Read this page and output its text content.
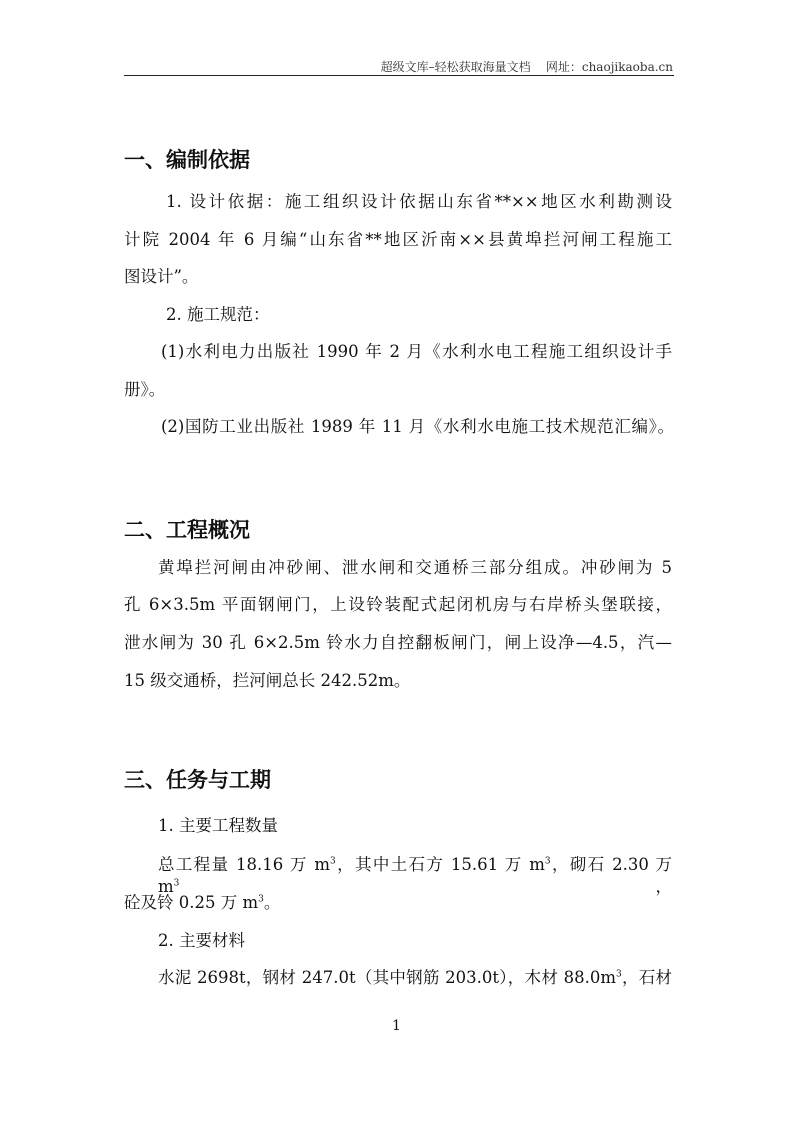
超级文库–轻松获取海量文档 网址：chaojikaoba.cn
一、编制依据
1. 设计依据：施工组织设计依据山东省**××地区水利勘测设
计院 2004 年 6 月编“山东省**地区沂南××县黄埠拦河闸工程施工
图设计”。
2. 施工规范：
(1)水利电力出版社 1990 年 2 月《水利水电工程施工组织设计手
册》。
(2)国防工业出版社 1989 年 11 月《水利水电施工技术规范汇编》。
二、工程概况
黄埠拦河闸由冲砂闸、泄水闸和交通桥三部分组成。冲砂闸为 5
孔 6×3.5m 平面钢闸门，上设铃装配式起闭机房与右岸桥头堡联接，
泄水闸为 30 孔 6×2.5m 铃水力自控翻板闸门，闸上设净—4.5，汽—
15 级交通桥，拦河闸总长 242.52m。
三、任务与工期
1. 主要工程数量
总工程量 18.16 万 $m^3$，其中土石方 15.61 万 $m^3$，砌石 2.30 万 $m^3$，
砼及铃 0.25 万 $m^3$。
2. 主要材料
水泥 2698t，钢材 247.0t（其中钢筋 203.0t），木材 $88.0m^3$，石材
1
